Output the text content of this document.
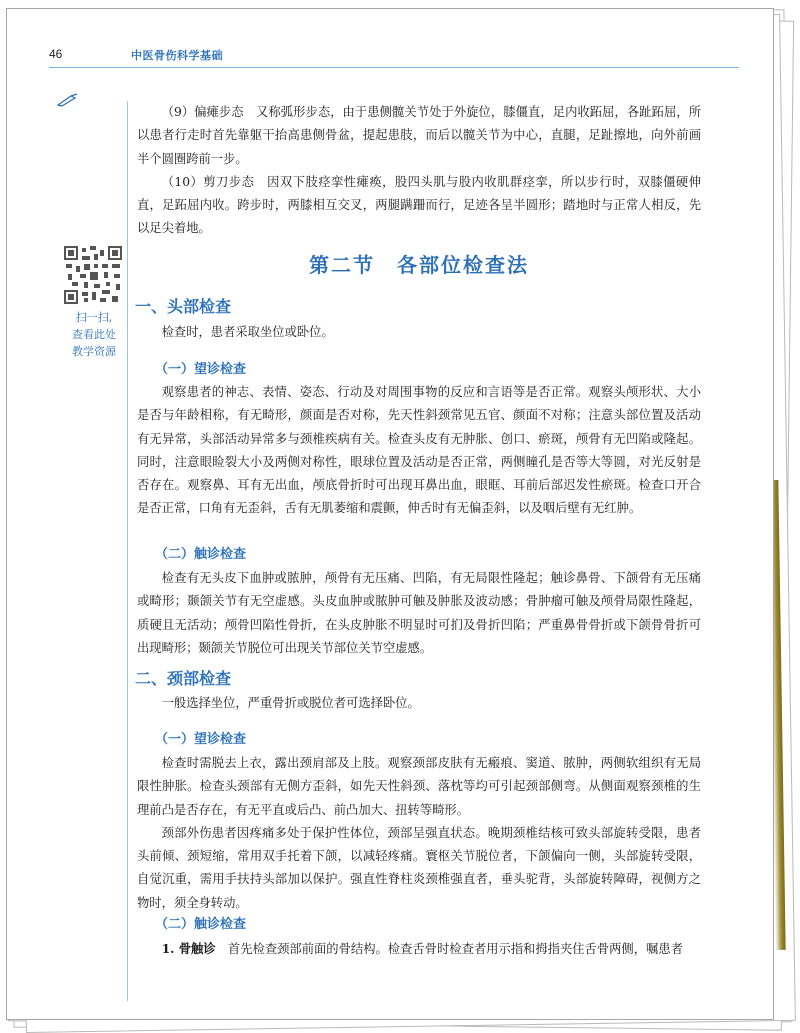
46	中医骨伤科学基础
扫一扫,
查看此处
教学资源

（9）偏瘫步态　又称弧形步态，由于患侧髋关节处于外旋位，膝僵直，足内收跖屈，各趾跖屈，所以患者行走时首先靠躯干抬高患侧骨盆，提起患肢，而后以髋关节为中心，直腿，足趾擦地，向外前画半个圆圈跨前一步。

（10）剪刀步态　因双下肢痉挛性瘫痪，股四头肌与股内收肌群痉挛，所以步行时，双膝僵硬伸直，足跖屈内收。跨步时，两膝相互交叉，两腿蹒跚而行，足迹各呈半圆形；踏地时与正常人相反，先以足尖着地。

第二节　各部位检查法
一、头部检查

检查时，患者采取坐位或卧位。

（一）望诊检查

观察患者的神志、表情、姿态、行动及对周围事物的反应和言语等是否正常。观察头颅形状、大小是否与年龄相称，有无畸形，颜面是否对称，先天性斜颈常见五官、颜面不对称；注意头部位置及活动有无异常，头部活动异常多与颈椎疾病有关。检查头皮有无肿胀、创口、瘀斑，颅骨有无凹陷或隆起。同时，注意眼睑裂大小及两侧对称性，眼球位置及活动是否正常，两侧瞳孔是否等大等圆，对光反射是否存在。观察鼻、耳有无出血，颅底骨折时可出现耳鼻出血，眼眶、耳前后部迟发性瘀斑。检查口开合是否正常，口角有无歪斜，舌有无肌萎缩和震颤，伸舌时有无偏歪斜，以及咽后壁有无红肿。

（二）触诊检查

检查有无头皮下血肿或脓肿，颅骨有无压痛、凹陷，有无局限性隆起；触诊鼻骨、下颌骨有无压痛或畸形；颞颌关节有无空虚感。头皮血肿或脓肿可触及肿胀及波动感；骨肿瘤可触及颅骨局限性隆起，质硬且无活动；颅骨凹陷性骨折，在头皮肿胀不明显时可扪及骨折凹陷；严重鼻骨骨折或下颌骨骨折可出现畸形；颞颌关节脱位可出现关节部位关节空虚感。

二、颈部检查

一般选择坐位，严重骨折或脱位者可选择卧位。

（一）望诊检查

检查时需脱去上衣，露出颈肩部及上肢。观察颈部皮肤有无瘢痕、窦道、脓肿，两侧软组织有无局限性肿胀。检查头颈部有无侧方歪斜，如先天性斜颈、落枕等均可引起颈部侧弯。从侧面观察颈椎的生理前凸是否存在，有无平直或后凸、前凸加大、扭转等畸形。

颈部外伤患者因疼痛多处于保护性体位，颈部呈强直状态。晚期颈椎结核可致头部旋转受限，患者头前倾、颈短缩，常用双手托着下颌，以减轻疼痛。寰枢关节脱位者，下颌偏向一侧，头部旋转受限，自觉沉重，需用手扶持头部加以保护。强直性脊柱炎颈椎强直者，垂头驼背，头部旋转障碍，视侧方之物时，须全身转动。

（二）触诊检查

1. 骨触诊　 首先检查颈部前面的骨结构。检查舌骨时检查者用示指和拇指夹住舌骨两侧，嘱患者
